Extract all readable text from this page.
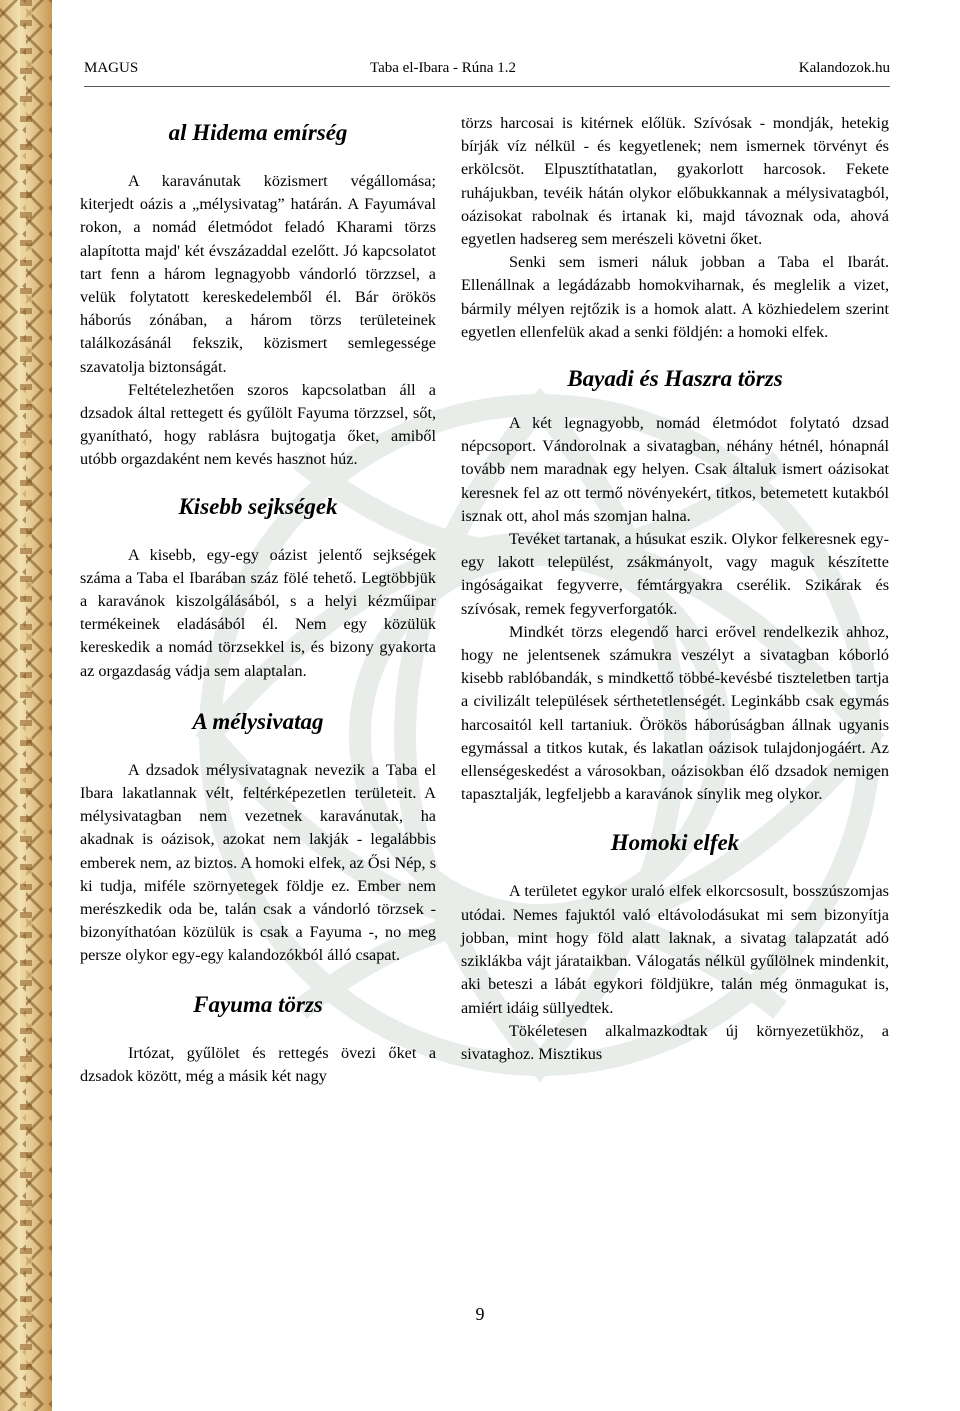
MAGUS	Taba el-Ibara - Rúna 1.2	Kalandozok.hu
al Hidema emírség

A karavánutak közismert végállomása; kiterjedt oázis a „mélysivatag” határán. A Fayumával rokon, a nomád életmódot feladó Kharami törzs alapította majd' két évszázaddal ezelőtt. Jó kapcsolatot tart fenn a három legnagyobb vándorló törzzsel, a velük folytatott kereskedelemből él. Bár örökös háborús zónában, a három törzs területeinek találkozásánál fekszik, közismert semlegessége szavatolja biztonságát.

Feltételezhetően szoros kapcsolatban áll a dzsadok által rettegett és gyűlölt Fayuma törzzsel, sőt, gyanítható, hogy rablásra bujtogatja őket, amiből utóbb orgazdaként nem kevés hasznot húz.

Kisebb sejkségek

A kisebb, egy-egy oázist jelentő sejkségek száma a Taba el Ibarában száz fölé tehető. Legtöbbjük a karavánok kiszolgálásából, s a helyi kézműipar termékeinek eladásából él. Nem egy közülük kereskedik a nomád törzsekkel is, és bizony gyakorta az orgazdaság vádja sem alaptalan.

A mélysivatag

A dzsadok mélysivatagnak nevezik a Taba el Ibara lakatlannak vélt, feltérképezetlen területeit. A mélysivatagban nem vezetnek karavánutak, ha akadnak is oázisok, azokat nem lakják - legalábbis emberek nem, az biztos. A homoki elfek, az Ősi Nép, s ki tudja, miféle szörnyetegek földje ez. Ember nem merészkedik oda be, talán csak a vándorló törzsek - bizonyíthatóan közülük is csak a Fayuma -, no meg persze olykor egy-egy kalandozókból álló csapat.

Fayuma törzs

Irtózat, gyűlölet és rettegés övezi őket a dzsadok között, még a másik két nagy

törzs harcosai is kitérnek előlük. Szívósak - mondják, hetekig bírják víz nélkül - és kegyetlenek; nem ismernek törvényt és erkölcsöt. Elpusztíthatatlan, gyakorlott harcosok. Fekete ruhájukban, tevéik hátán olykor előbukkannak a mélysivatagból, oázisokat rabolnak és irtanak ki, majd távoznak oda, ahová egyetlen hadsereg sem merészeli követni őket.

Senki sem ismeri náluk jobban a Taba el Ibarát. Ellenállnak a legádázabb homokviharnak, és meglelik a vizet, bármily mélyen rejtőzik is a homok alatt. A közhiedelem szerint egyetlen ellenfelük akad a senki földjén: a homoki elfek.

Bayadi és Haszra törzs

A két legnagyobb, nomád életmódot folytató dzsad népcsoport. Vándorolnak a sivatagban, néhány hétnél, hónapnál tovább nem maradnak egy helyen. Csak általuk ismert oázisokat keresnek fel az ott termő növényekért, titkos, betemetett kutakból isznak ott, ahol más szomjan halna.

Tevéket tartanak, a húsukat eszik. Olykor felkeresnek egy-egy lakott települést, zsákmányolt, vagy maguk készítette ingóságaikat fegyverre, fémtárgyakra cserélik. Szikárak és szívósak, remek fegyverforgatók.

Mindkét törzs elegendő harci erővel rendelkezik ahhoz, hogy ne jelentsenek számukra veszélyt a sivatagban kóborló kisebb rablóbandák, s mindkettő többé-kevésbé tiszteletben tartja a civilizált települések sérthetetlenségét. Leginkább csak egymás harcosaitól kell tartaniuk. Örökös háborúságban állnak ugyanis egymással a titkos kutak, és lakatlan oázisok tulajdonjogáért. Az ellenségeskedést a városokban, oázisokban élő dzsadok nemigen tapasztalják, legfeljebb a karavánok sínylik meg olykor.

Homoki elfek

A területet egykor uraló elfek elkorcsosult, bosszúszomjas utódai. Nemes fajuktól való eltávolodásukat mi sem bizonyítja jobban, mint hogy föld alatt laknak, a sivatag talapzatát adó sziklákba vájt járataikban. Válogatás nélkül gyűlölnek mindenkit, aki beteszi a lábát egykori földjükre, talán még önmagukat is, amiért idáig süllyedtek.

Tökéletesen alkalmazkodtak új környezetükhöz, a sivataghoz. Misztikus

9
